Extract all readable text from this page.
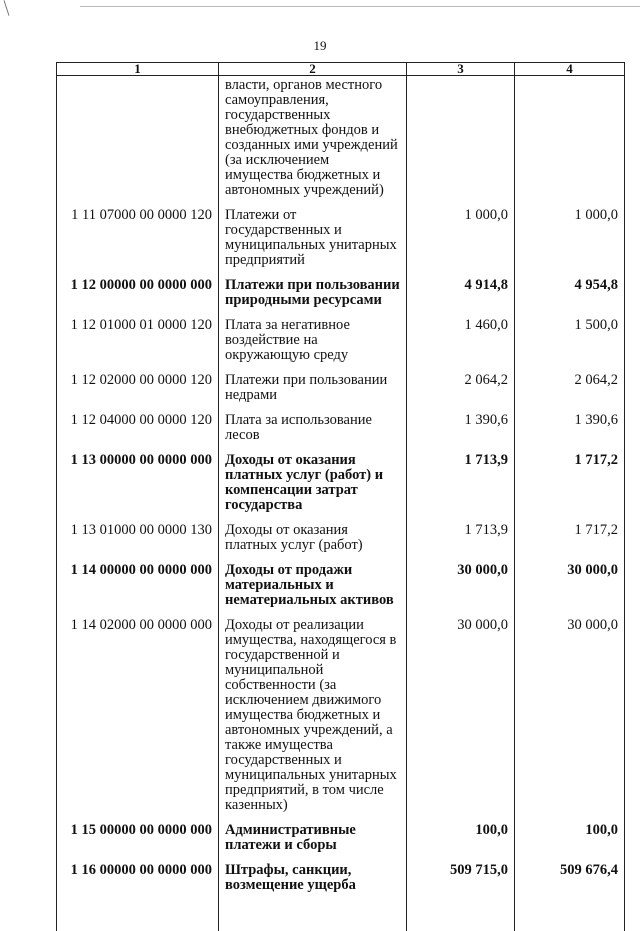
19
1	2	3	4
	власти, органов местного самоуправления, государственных внебюджетных фондов и созданных ими учреждений (за исключением имущества бюджетных и автономных учреждений)		
1 11 07000 00 0000 120	Платежи от государственных и муниципальных унитарных предприятий	1 000,0	1 000,0
1 12 00000 00 0000 000	Платежи при пользовании природными ресурсами	4 914,8	4 954,8
1 12 01000 01 0000 120	Плата за негативное воздействие на окружающую среду	1 460,0	1 500,0
1 12 02000 00 0000 120	Платежи при пользовании недрами	2 064,2	2 064,2
1 12 04000 00 0000 120	Плата за использование лесов	1 390,6	1 390,6
1 13 00000 00 0000 000	Доходы от оказания платных услуг (работ) и компенсации затрат государства	1 713,9	1 717,2
1 13 01000 00 0000 130	Доходы от оказания платных услуг (работ)	1 713,9	1 717,2
1 14 00000 00 0000 000	Доходы от продажи материальных и нематериальных активов	30 000,0	30 000,0
1 14 02000 00 0000 000	Доходы от реализации имущества, находящегося в государственной и муниципальной собственности (за исключением движимого имущества бюджетных и автономных учреждений, а также имущества государственных и муниципальных унитарных предприятий, в том числе казенных)	30 000,0	30 000,0
1 15 00000 00 0000 000	Административные платежи и сборы	100,0	100,0
1 16 00000 00 0000 000	Штрафы, санкции, возмещение ущерба	509 715,0	509 676,4
